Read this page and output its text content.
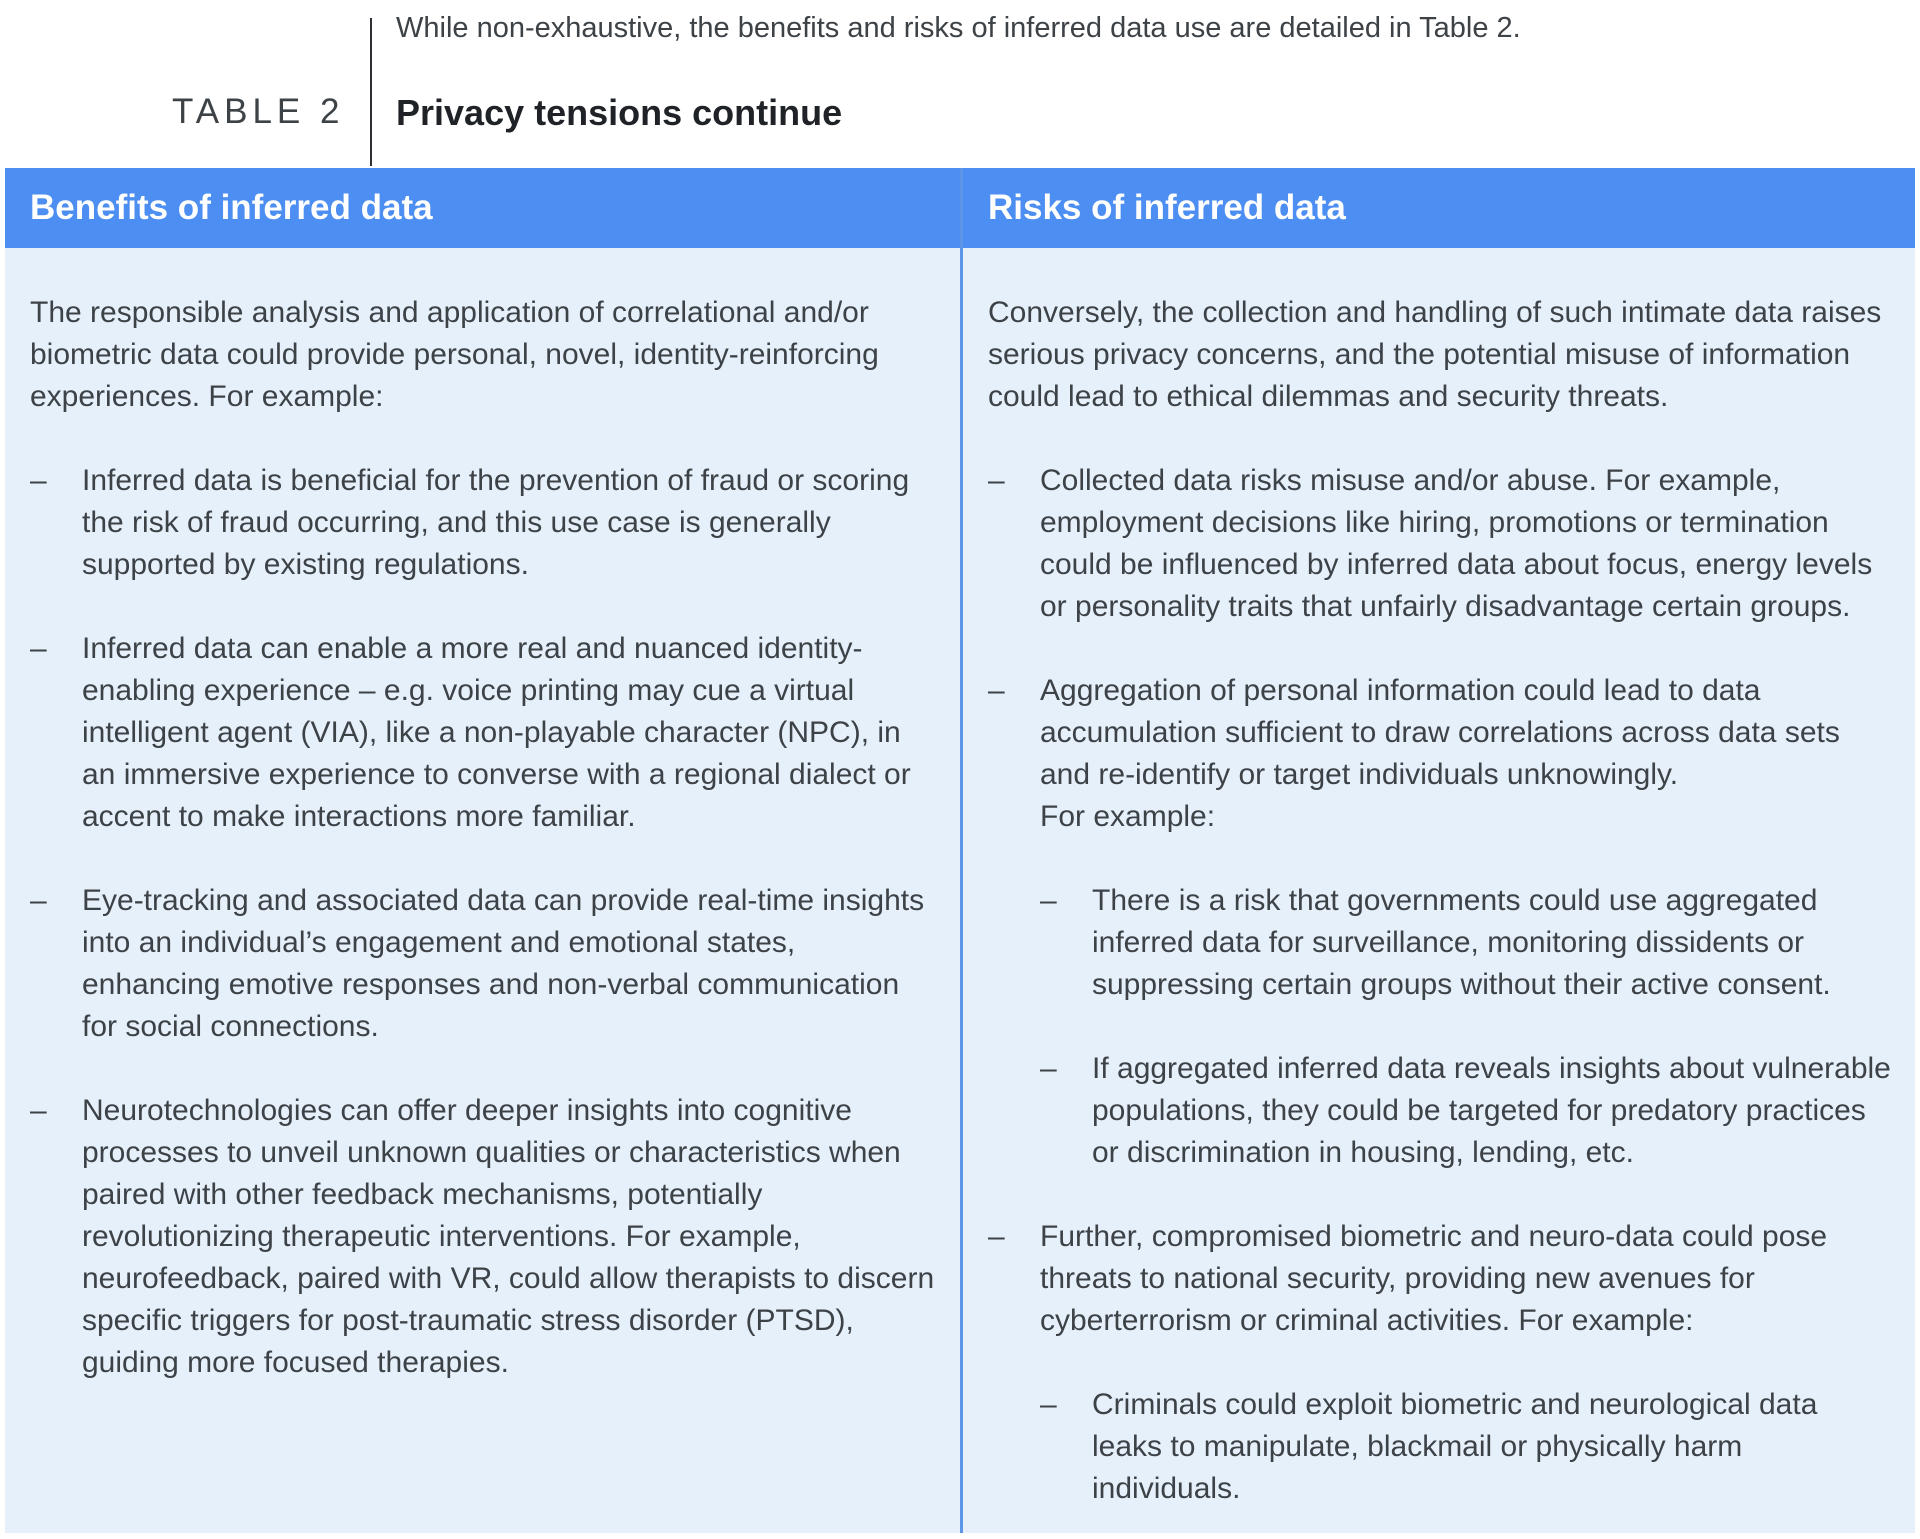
While non-exhaustive, the benefits and risks of inferred data use are detailed in Table 2.
TABLE 2 Privacy tensions continue
Benefits of inferred data

The responsible analysis and application of correlational and/or biometric data could provide personal, novel, identity-reinforcing experiences. For example:

– Inferred data is beneficial for the prevention of fraud or scoring the risk of fraud occurring, and this use case is generally supported by existing regulations.
– Inferred data can enable a more real and nuanced identity-enabling experience – e.g. voice printing may cue a virtual intelligent agent (VIA), like a non-playable character (NPC), in an immersive experience to converse with a regional dialect or accent to make interactions more familiar.
– Eye-tracking and associated data can provide real-time insights into an individual’s engagement and emotional states, enhancing emotive responses and non-verbal communication for social connections.
– Neurotechnologies can offer deeper insights into cognitive processes to unveil unknown qualities or characteristics when paired with other feedback mechanisms, potentially revolutionizing therapeutic interventions. For example, neurofeedback, paired with VR, could allow therapists to discern specific triggers for post-traumatic stress disorder (PTSD), guiding more focused therapies.
Risks of inferred data

Conversely, the collection and handling of such intimate data raises serious privacy concerns, and the potential misuse of information could lead to ethical dilemmas and security threats.

– Collected data risks misuse and/or abuse. For example, employment decisions like hiring, promotions or termination could be influenced by inferred data about focus, energy levels or personality traits that unfairly disadvantage certain groups.
– Aggregation of personal information could lead to data accumulation sufficient to draw correlations across data sets and re-identify or target individuals unknowingly.
For example:
– There is a risk that governments could use aggregated inferred data for surveillance, monitoring dissidents or suppressing certain groups without their active consent.
– If aggregated inferred data reveals insights about vulnerable populations, they could be targeted for predatory practices or discrimination in housing, lending, etc.
– Further, compromised biometric and neuro-data could pose threats to national security, providing new avenues for cyberterrorism or criminal activities. For example:
– Criminals could exploit biometric and neurological data leaks to manipulate, blackmail or physically harm individuals.
